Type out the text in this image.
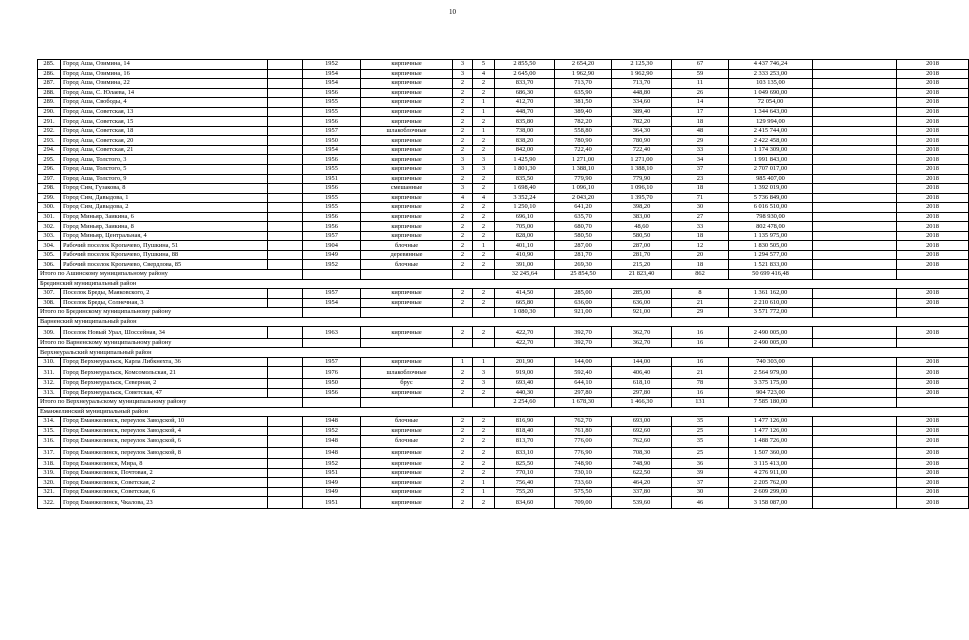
10
285.	Город Аша, Озимина, 14		1952	кирпичные	3	5	2 855,50	2 654,20	2 125,30	67	4 437 746,24		2018
286.	Город Аша, Озимина, 16		1954	кирпичные	3	4	2 645,00	1 962,90	1 962,90	59	2 333 253,00		2018
287.	Город Аша, Озимина, 22		1954	кирпичные	2	2	833,70	713,70	713,70	11	103 135,00		2018
288.	Город Аша, С. Юлаева, 14		1956	кирпичные	2	2	686,30	635,90	448,80	26	1 049 690,00		2018
289.	Город Аша, Свободы, 4		1955	кирпичные	2	1	412,70	381,50	334,60	14	72 054,00		2018
290.	Город Аша, Советская, 13		1955	кирпичные	2	1	448,70	389,40	389,40	17	1 344 643,00		2018
291.	Город Аша, Советская, 15		1956	кирпичные	2	2	835,80	782,20	782,20	18	129 994,00		2018
292.	Город Аша, Советская, 18		1957	шлакоблочные	2	1	738,00	558,80	364,30	48	2 415 744,00		2018
293.	Город Аша, Советская, 20		1950	кирпичные	2	2	838,20	780,90	780,90	29	2 422 458,00		2018
294.	Город Аша, Советская, 21		1954	кирпичные	2	2	842,00	722,40	722,40	33	1 174 309,00		2018
295.	Город Аша, Толстого, 3		1956	кирпичные	3	3	1 425,90	1 271,00	1 271,00	34	1 991 843,00		2018
296.	Город Аша, Толстого, 5		1955	кирпичные	3	3	1 801,30	1 388,10	1 388,10	37	2 707 017,00		2018
297.	Город Аша, Толстого, 9		1951	кирпичные	2	2	835,50	779,90	779,90	23	985 407,00		2018
298.	Город Сим, Гузакова, 8		1956	смешанные	3	2	1 698,40	1 096,10	1 096,10	18	1 392 019,00		2018
299.	Город Сим, Давыдова, 1		1955	кирпичные	4	4	3 352,24	2 043,20	1 395,70	71	5 736 849,00		2018
300.	Город Сим, Давыдова, 2		1955	кирпичные	2	2	1 250,10	641,20	398,20	30	6 016 510,00		2018
301.	Город Миньяр, Заикина, 6		1956	кирпичные	2	2	696,10	635,70	383,00	27	798 930,00		2018
302.	Город Миньяр, Заикина, 8		1956	кирпичные	2	2	705,00	680,70	48,60	33	802 478,00		2018
303.	Город Миньяр, Центральная, 4		1957	кирпичные	2	2	828,00	580,50	580,50	18	1 135 975,00		2018
304.	Рабочий поселок Кропачево, Пушкина, 51		1904	блочные	2	1	401,10	287,00	287,00	12	1 830 505,00		2018
305.	Рабочий поселок Кропачево, Пушкина, 88		1949	деревянные	2	2	410,90	281,70	281,70	20	1 294 577,00		2018
306.	Рабочий поселок Кропачево, Свердлова, 85		1952	блочные	2	2	391,00	269,30	215,20	18	1 521 833,00		2018
Итого по Ашинскому муниципальному району							32 245,64	25 854,50	21 823,40	862	50 699 416,48		
Брединский муниципальный район													
307.	Поселок Бреды, Маяковского, 2		1957	кирпичные	2	2	414,50	285,00	285,00	8	1 361 162,00		2018
308.	Поселок Бреды, Солнечная, 3		1954	кирпичные	2	2	665,80	636,00	636,00	21	2 210 610,00		2018
Итого по Брединскому муниципальному району							1 080,30	921,00	921,00	29	3 571 772,00		
Варненский муниципальный район													
309.	Поселок Новый Урал, Шоссейная, 34		1963	кирпичные	2	2	422,70	392,70	362,70	16	2 490 005,00		2018
Итого по Варненскому муниципальному району							422,70	392,70	362,70	16	2 490 005,00		
Верхнеуральский муниципальный район													
310.	Город Верхнеуральск, Карла Либкнехта, 36		1957	кирпичные	1	1	201,90	144,00	144,00	16	740 303,00		2018
311.	Город Верхнеуральск, Комсомольская, 21		1976	шлакоблочные	2	3	919,00	592,40	406,40	21	2 564 979,00		2018
312.	Город Верхнеуральск, Северная, 2		1950	брус	2	3	693,40	644,10	618,10	78	3 375 175,00		2018
313.	Город Верхнеуральск, Советская, 47		1956	кирпичные	2	2	440,30	297,80	297,80	16	904 723,00		2018
Итого по Верхнеуральскому муниципальному району							2 254,60	1 678,30	1 466,30	131	7 585 180,00		
Еманжелинский муниципальный район													
314.	Город Еманжелинск, переулок Заводской, 10		1948	блочные	2	2	816,90	762,70	693,00	35	1 477 126,00		2018
315.	Город Еманжелинск, переулок Заводской, 4		1952	кирпичные	2	2	818,40	761,80	692,60	25	1 477 126,00		2018
316.	Город Еманжелинск, переулок Заводской, 6		1948	блочные	2	2	813,70	776,00	762,60	35	1 488 726,00		2018
317.	Город Еманжелинск, переулок Заводской, 8		1948	кирпичные	2	2	833,10	776,90	708,30	25	1 507 360,00		2018
318.	Город Еманжелинск, Мира, 8		1952	кирпичные	2	2	825,50	748,90	748,90	36	3 115 413,00		2018
319.	Город Еманжелинск, Почтовая, 2		1951	кирпичные	2	2	770,10	730,10	622,50	39	4 276 911,00		2018
320.	Город Еманжелинск, Советская, 2		1949	кирпичные	2	1	756,40	733,60	464,20	37	2 205 762,00		2018
321.	Город Еманжелинск, Советская, 6		1949	кирпичные	2	1	755,20	575,50	337,80	30	2 609 299,00		2018
322.	Город Еманжелинск, Чкалова, 23		1951	кирпичные	2	2	834,60	709,00	539,60	46	3 158 087,00		2018
